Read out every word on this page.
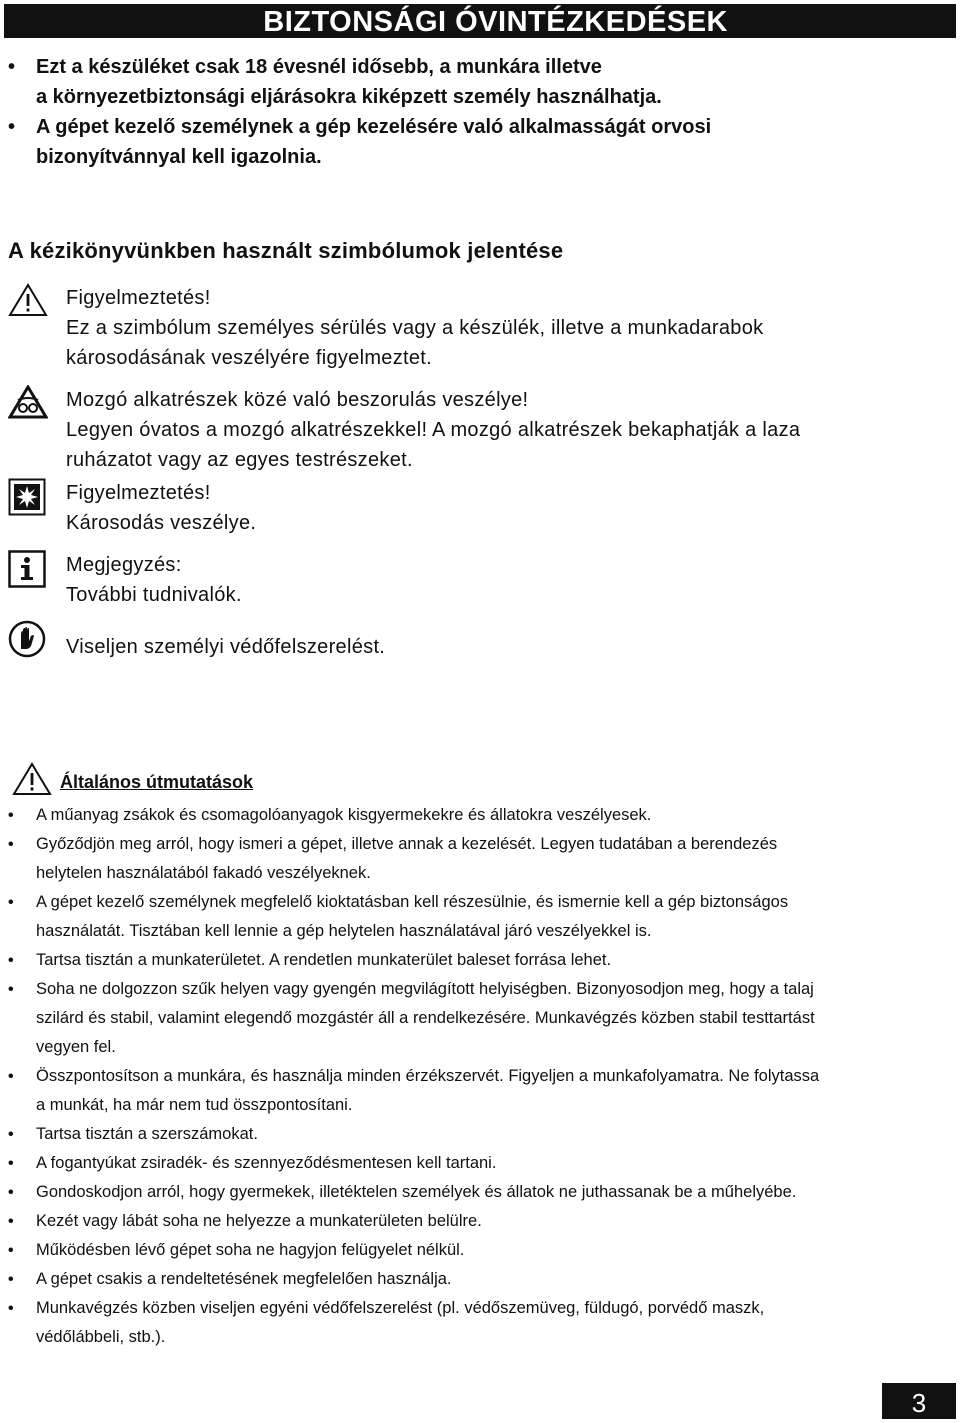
BIZTONSÁGI ÓVINTÉZKEDÉSEK
• Ezt a készüléket csak 18 évesnél idősebb, a munkára illetve
a környezetbiztonsági eljárásokra kiképzett személy használhatja.
• A gépet kezelő személynek a gép kezelésére való alkalmasságát orvosi
bizonyítvánnyal kell igazolnia.
A kézikönyvünkben használt szimbólumok jelentése
Figyelmeztetés!
Ez a szimbólum személyes sérülés vagy a készülék, illetve a munkadarabok
károsodásának veszélyére figyelmeztet.
Mozgó alkatrészek közé való beszorulás veszélye!
Legyen óvatos a mozgó alkatrészekkel! A mozgó alkatrészek bekaphatják a laza
ruházatot vagy az egyes testrészeket.
Figyelmeztetés!
Károsodás veszélye.
Megjegyzés:
További tudnivalók.
Viseljen személyi védőfelszerelést.
Általános útmutatások
• A műanyag zsákok és csomagolóanyagok kisgyermekekre és állatokra veszélyesek.
• Győződjön meg arról, hogy ismeri a gépet, illetve annak a kezelését. Legyen tudatában a berendezés
helytelen használatából fakadó veszélyeknek.
• A gépet kezelő személynek megfelelő kioktatásban kell részesülnie, és ismernie kell a gép biztonságos
használatát. Tisztában kell lennie a gép helytelen használatával járó veszélyekkel is.
• Tartsa tisztán a munkaterületet. A rendetlen munkaterület baleset forrása lehet.
• Soha ne dolgozzon szűk helyen vagy gyengén megvilágított helyiségben. Bizonyosodjon meg, hogy a talaj
szilárd és stabil, valamint elegendő mozgástér áll a rendelkezésére. Munkavégzés közben stabil testtartást
vegyen fel.
• Összpontosítson a munkára, és használja minden érzékszervét. Figyeljen a munkafolyamatra. Ne folytassa
a munkát, ha már nem tud összpontosítani.
• Tartsa tisztán a szerszámokat.
• A fogantyúkat zsiradék- és szennyeződésmentesen kell tartani.
• Gondoskodjon arról, hogy gyermekek, illetéktelen személyek és állatok ne juthassanak be a műhelyébe.
• Kezét vagy lábát soha ne helyezze a munkaterületen belülre.
• Működésben lévő gépet soha ne hagyjon felügyelet nélkül.
• A gépet csakis a rendeltetésének megfelelően használja.
• Munkavégzés közben viseljen egyéni védőfelszerelést (pl. védőszemüveg, füldugó, porvédő maszk,
védőlábbeli, stb.).
3
